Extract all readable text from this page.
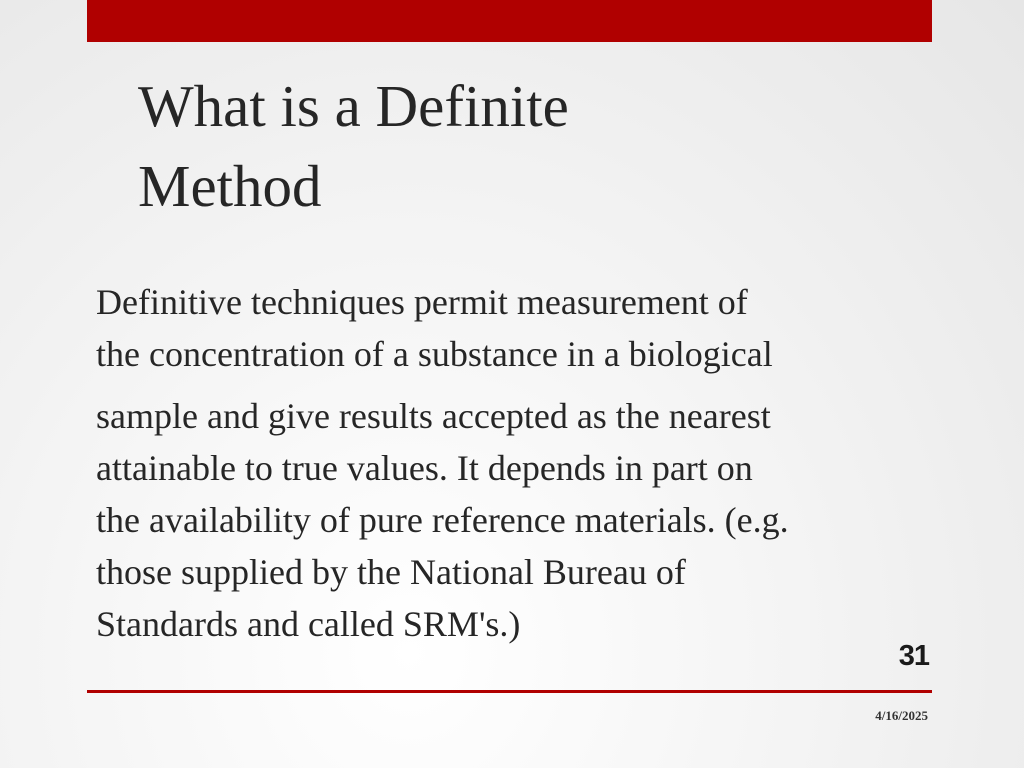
What is a Definite
Method
Definitive techniques permit measurement of
the concentration of a substance in a biological
sample and give results accepted as the nearest
attainable to true values. It depends in part on
the availability of pure reference materials. (e.g.
those supplied by the National Bureau of
Standards and called SRM's.)
31
4/16/2025
